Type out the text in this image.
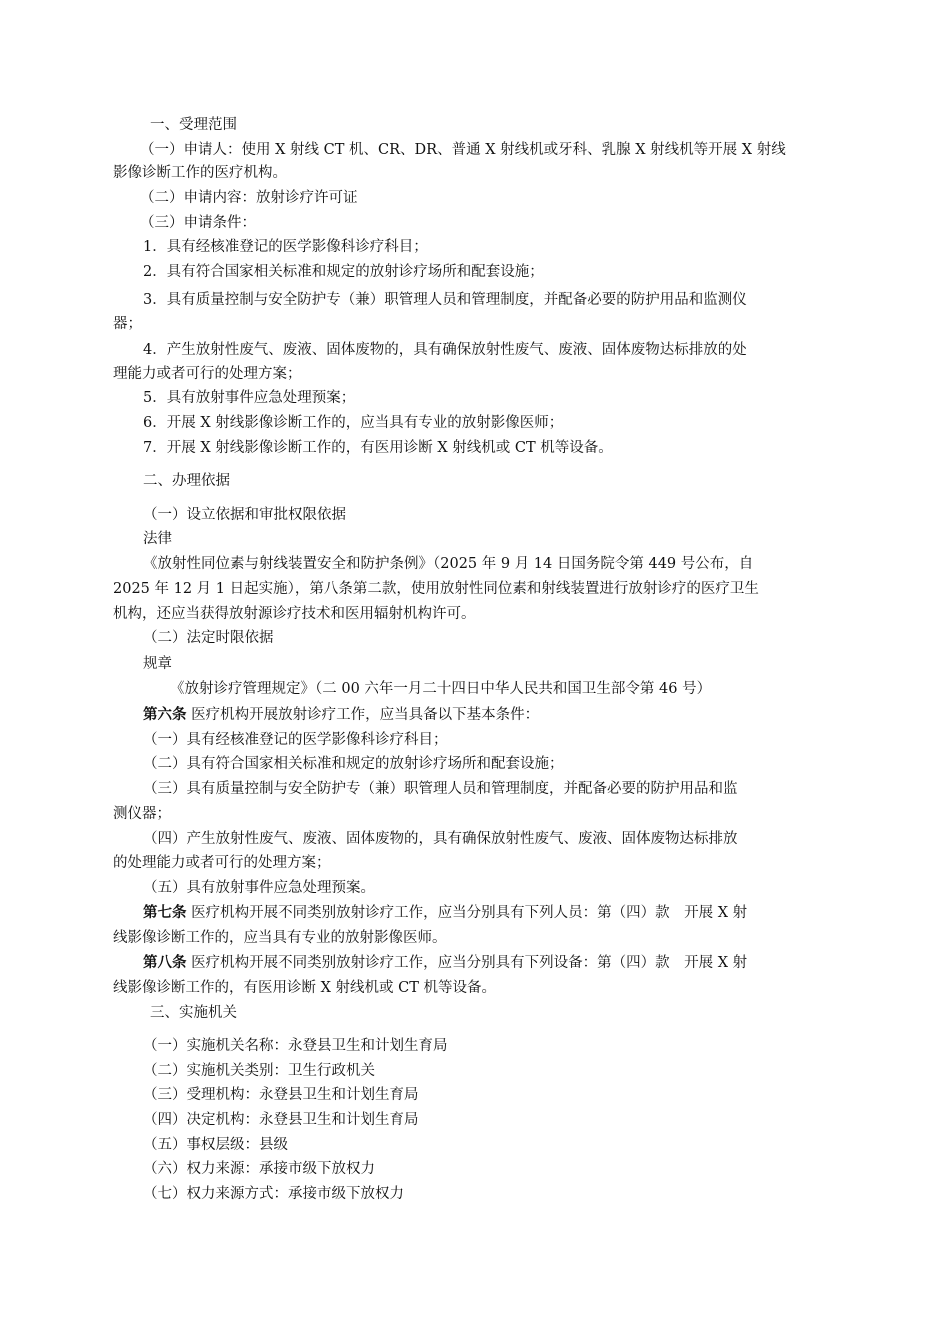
一、受理范围
（一）申请人：使用 X 射线 CT 机、CR、DR、普通 X 射线机或牙科、乳腺 X 射线机等开展 X 射线
影像诊断工作的医疗机构。
（二）申请内容：放射诊疗许可证
（三）申请条件：
1．具有经核准登记的医学影像科诊疗科目；
2．具有符合国家相关标准和规定的放射诊疗场所和配套设施；
3．具有质量控制与安全防护专（兼）职管理人员和管理制度，并配备必要的防护用品和监测仪
器；
4．产生放射性废气、废液、固体废物的，具有确保放射性废气、废液、固体废物达标排放的处
理能力或者可行的处理方案；
5．具有放射事件应急处理预案；
6．开展 X 射线影像诊断工作的，应当具有专业的放射影像医师；
7．开展 X 射线影像诊断工作的，有医用诊断 X 射线机或 CT 机等设备。
二、办理依据
（一）设立依据和审批权限依据
法律
《放射性同位素与射线装置安全和防护条例》（2025 年 9 月 14 日国务院令第 449 号公布，自
2025 年 12 月 1 日起实施），第八条第二款，使用放射性同位素和射线装置进行放射诊疗的医疗卫生
机构，还应当获得放射源诊疗技术和医用辐射机构许可。
（二）法定时限依据
规章
《放射诊疗管理规定》（二 00 六年一月二十四日中华人民共和国卫生部令第 46 号）
第六条 医疗机构开展放射诊疗工作，应当具备以下基本条件：
（一）具有经核准登记的医学影像科诊疗科目；
（二）具有符合国家相关标准和规定的放射诊疗场所和配套设施；
（三）具有质量控制与安全防护专（兼）职管理人员和管理制度，并配备必要的防护用品和监
测仪器；
（四）产生放射性废气、废液、固体废物的，具有确保放射性废气、废液、固体废物达标排放
的处理能力或者可行的处理方案；
（五）具有放射事件应急处理预案。
第七条 医疗机构开展不同类别放射诊疗工作，应当分别具有下列人员：第（四）款　开展 X 射
线影像诊断工作的，应当具有专业的放射影像医师。
第八条 医疗机构开展不同类别放射诊疗工作，应当分别具有下列设备：第（四）款　开展 X 射
线影像诊断工作的，有医用诊断 X 射线机或 CT 机等设备。
三、实施机关
（一）实施机关名称：永登县卫生和计划生育局
（二）实施机关类别：卫生行政机关
（三）受理机构：永登县卫生和计划生育局
（四）决定机构：永登县卫生和计划生育局
（五）事权层级：县级
（六）权力来源：承接市级下放权力
（七）权力来源方式：承接市级下放权力
